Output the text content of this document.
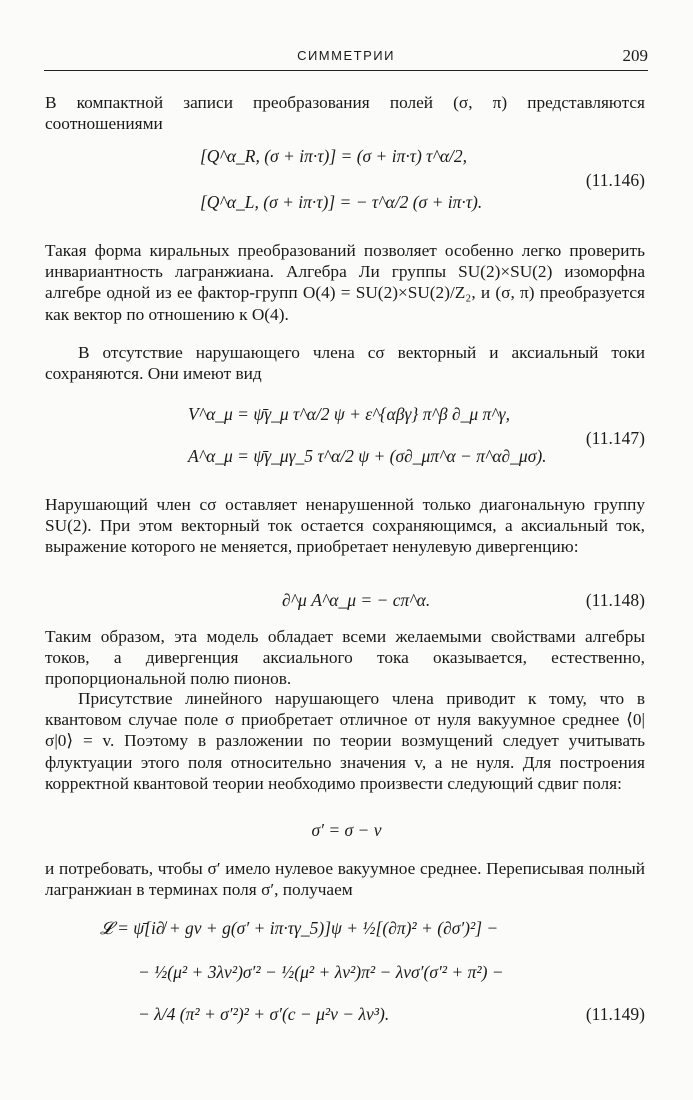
СИММЕТРИИ	209

В компактной записи преобразования полей (σ, π) представляются соотношениями

[Q^α_R, (σ + iπ·τ)] = (σ + iπ·τ) τ^α/2,
[Q^α_L, (σ + iπ·τ)] = − τ^α/2 (σ + iπ·τ).
(11.146)

Такая форма киральных преобразований позволяет особенно легко проверить инвариантность лагранжиана. Алгебра Ли группы SU(2)×SU(2) изоморфна алгебре одной из ее фактор-групп O(4) = SU(2)×SU(2)/Z₂, и (σ, π) преобразуется как вектор по отношению к O(4).

В отсутствие нарушающего члена cσ векторный и аксиальный токи сохраняются. Они имеют вид

V^α_μ = ψ̄γ_μ τ^α/2 ψ + ε^{αβγ} π^β ∂_μ π^γ,
A^α_μ = ψ̄γ_μγ_5 τ^α/2 ψ + (σ∂_μπ^α − π^α∂_μσ).
(11.147)

Нарушающий член cσ оставляет ненарушенной только диагональную группу SU(2). При этом векторный ток остается сохраняющимся, а аксиальный ток, выражение которого не меняется, приобретает ненулевую дивергенцию:

∂^μ A^α_μ = − cπ^α.	(11.148)

Таким образом, эта модель обладает всеми желаемыми свойствами алгебры токов, а дивергенция аксиального тока оказывается, естественно, пропорциональной полю пионов.

Присутствие линейного нарушающего члена приводит к тому, что в квантовом случае поле σ приобретает отличное от нуля вакуумное среднее ⟨0|σ|0⟩ = v. Поэтому в разложении по теории возмущений следует учитывать флуктуации этого поля относительно значения v, а не нуля. Для построения корректной квантовой теории необходимо произвести следующий сдвиг поля:

σ′ = σ − v

и потребовать, чтобы σ′ имело нулевое вакуумное среднее. Переписывая полный лагранжиан в терминах поля σ′, получаем

𝓛 = ψ̄[i∂̸ + gv + g(σ′ + iπ·τγ_5)]ψ + ½[(∂π)² + (∂σ′)²] −
− ½(μ² + 3λv²)σ′² − ½(μ² + λv²)π² − λvσ′(σ′² + π²) −
− λ/4 (π² + σ′²)² + σ′(c − μ²v − λv³).	(11.149)
